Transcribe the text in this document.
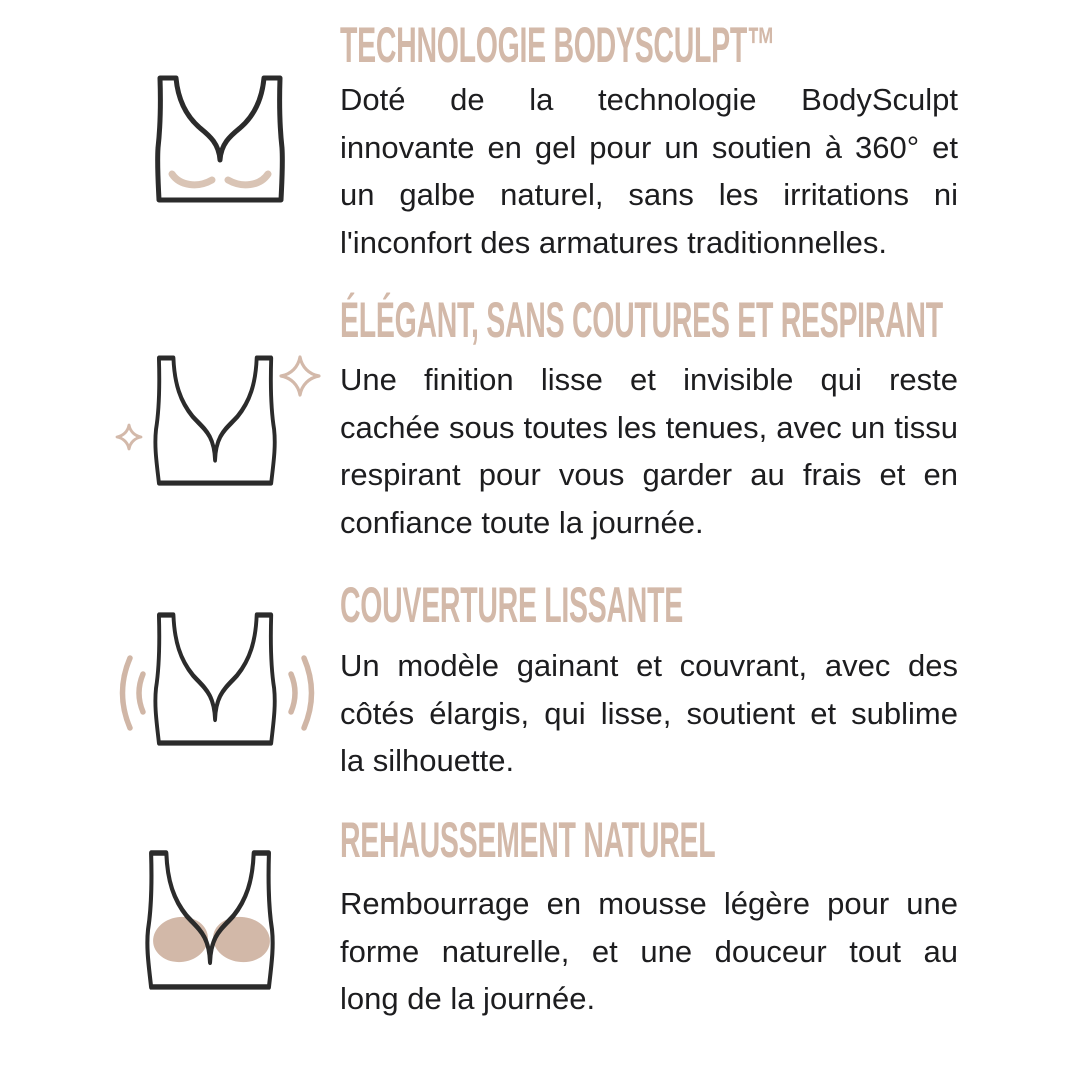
TECHNOLOGIE BODYSCULPT™
Doté de la technologie BodySculpt
innovante en gel pour un soutien à 360° et
un galbe naturel, sans les irritations ni
l'inconfort des armatures traditionnelles.
ÉLÉGANT, SANS COUTURES ET RESPIRANT
Une finition lisse et invisible qui reste
cachée sous toutes les tenues, avec un tissu
respirant pour vous garder au frais et en
confiance toute la journée.
COUVERTURE LISSANTE
Un modèle gainant et couvrant, avec des
côtés élargis, qui lisse, soutient et sublime
la silhouette.
REHAUSSEMENT NATUREL
Rembourrage en mousse légère pour une
forme naturelle, et une douceur tout au
long de la journée.
